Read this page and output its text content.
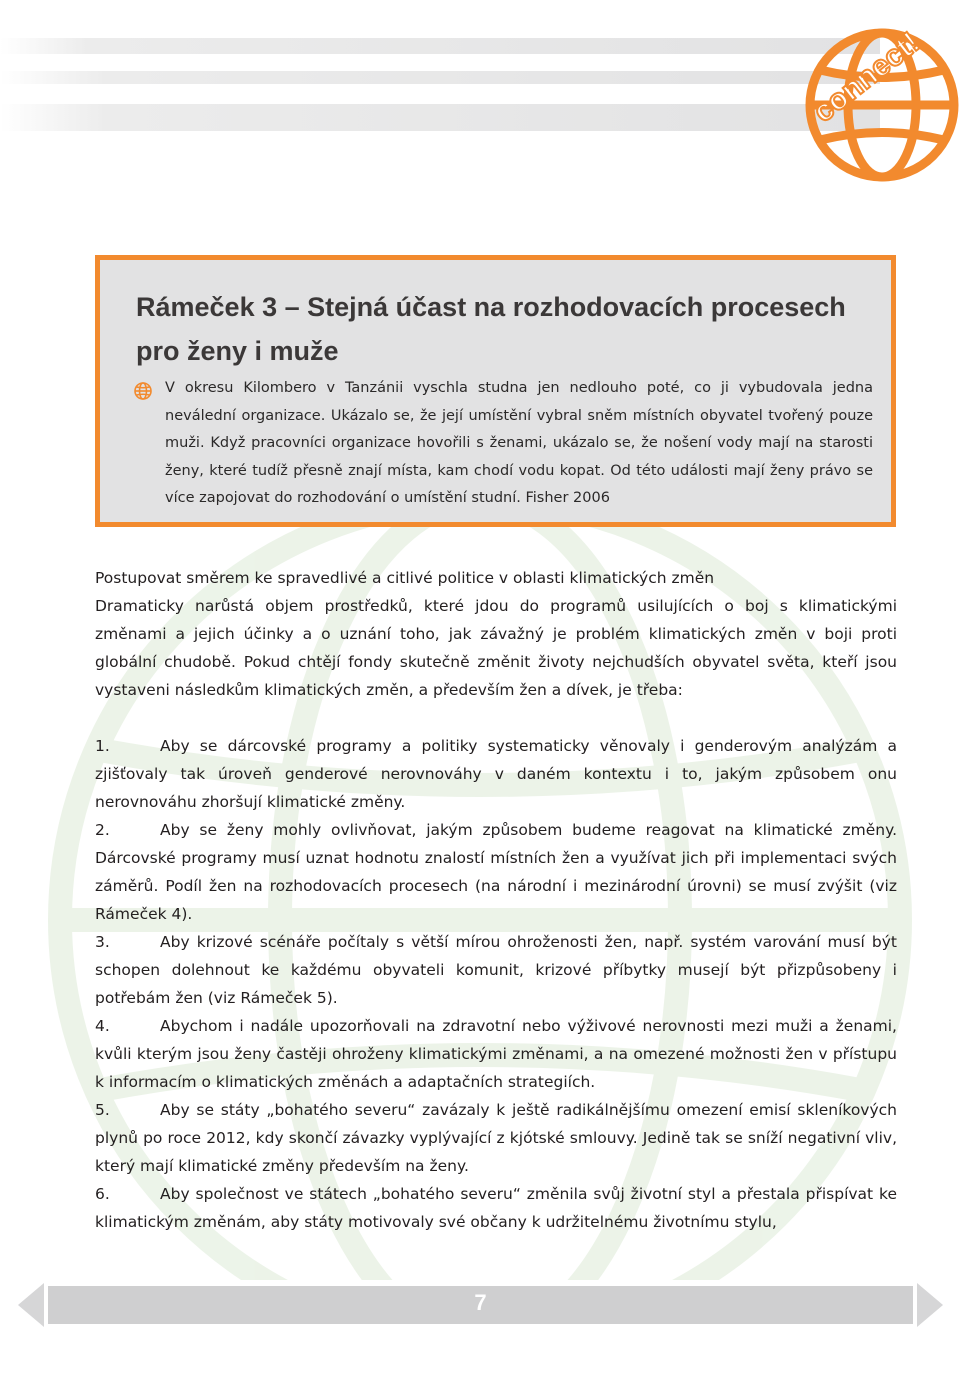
connect!
Rámeček 3 – Stejná účast na rozhodovacích procesech pro ženy i muže

V okresu Kilombero v Tanzánii vyschla studna jen nedlouho poté, co ji vybudovala jedna neválední organizace. Ukázalo se, že její umístění vybral sněm místních obyvatel tvořený pouze muži. Když pracovníci organizace hovořili s ženami, ukázalo se, že nošení vody mají na starosti ženy, které tudíž přesně znají místa, kam chodí vodu kopat. Od této události mají ženy právo se více zapojovat do rozhodování o umístění studní. Fisher 2006

Postupovat směrem ke spravedlivé a citlivé politice v oblasti klimatických změn

Dramaticky narůstá objem prostředků, které jdou do programů usilujících o boj s klimatickými změnami a jejich účinky a o uznání toho, jak závažný je problém klimatických změn v boji proti globální chudobě. Pokud chtějí fondy skutečně změnit životy nejchudších obyvatel světa, kteří jsou vystaveni následkům klimatických změn, a především žen a dívek, je třeba:

1.	Aby se dárcovské programy a politiky systematicky věnovaly i genderovým analýzám a zjišťovaly tak úroveň genderové nerovnováhy v daném kontextu i to, jakým způsobem onu nerovnováhu zhoršují klimatické změny.

2.	Aby se ženy mohly ovlivňovat, jakým způsobem budeme reagovat na klimatické změny. Dárcovské programy musí uznat hodnotu znalostí místních žen a využívat jich při implementaci svých záměrů. Podíl žen na rozhodovacích procesech (na národní i mezinárodní úrovni) se musí zvýšit (viz Rámeček 4).

3.	Aby krizové scénáře počítaly s větší mírou ohroženosti žen, např. systém varování musí být schopen dolehnout ke každému obyvateli komunit, krizové příbytky musejí být přizpůsobeny i potřebám žen (viz Rámeček 5).

4.	Abychom i nadále upozorňovali na zdravotní nebo výživové nerovnosti mezi muži a ženami, kvůli kterým jsou ženy častěji ohroženy klimatickými změnami, a na omezené možnosti žen v přístupu k informacím o klimatických změnách a adaptačních strategiích.

5.	Aby se státy „bohatého severu“ zavázaly k ještě radikálnějšímu omezení emisí skleníkových plynů po roce 2012, kdy skončí závazky vyplývající z kjótské smlouvy. Jedině tak se sníží negativní vliv, který mají klimatické změny především na ženy.

6.	Aby společnost ve státech „bohatého severu“ změnila svůj životní styl a přestala přispívat ke klimatickým změnám, aby státy motivovaly své občany k udržitelnému životnímu stylu,

7
